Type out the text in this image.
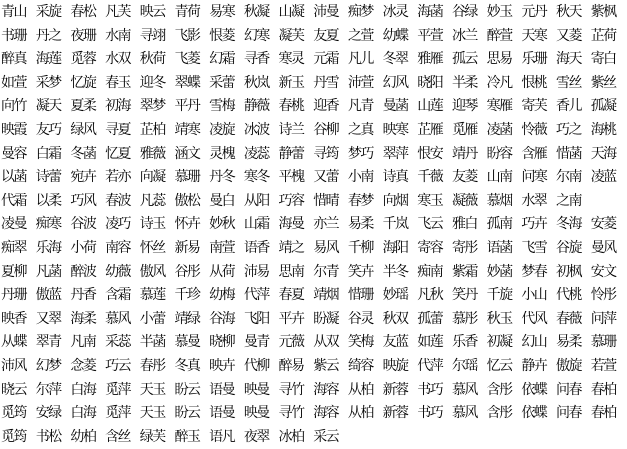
青山 采旋 春松 凡芙 映云 青荷 易寒 秋凝 山凝 沛曼 痴梦 冰灵 海菡 谷绿 妙玉 元丹 秋天 紫枫
书珊 丹之 夜珊 水南 寻翊 飞影 恨菱 幻寒 凝芙 友夏 之萱 幼蝶 平萱 冰兰 醉萱 天寒 又菱 芷荷
醉真 海莲 觅蓉 水双 秋荷 飞菱 幻霜 寻香 寒灵 元霜 凡儿 冬翠 雅雁 孤云 思易 乐珊 海天 寄白
如萱 采梦 忆旋 春玉 迎冬 翠蝶 采蕾 秋岚 新玉 丹雪 沛萱 幻风 晓阳 半柔 冷凡 恨桃 雪丝 紫丝
向竹 凝天 夏柔 初海 翠梦 平丹 雪梅 静薇 春桃 迎香 凡青 曼菡 山莲 迎琴 寒雁 寄芙 香儿 孤凝
映霞 友巧 绿风 寻夏 芷柏 靖寒 凌旋 冰波 诗兰 谷柳 之真 映寒 芷雁 觅雁 凌菡 怜薇 巧之 海桃
曼容 白霜 冬菡 忆夏 雅薇 涵文 灵槐 凌蕊 静蕾 寻筠 梦巧 翠萍 恨安 靖丹 盼容 含雁 惜菡 天海
以菡 诗蕾 宛卉 若亦 向凝 慕珊 丹冬 寒冬 平槐 又蕾 小南 诗真 千薇 友菱 山南 问寒 尔南 凌蓝
代霜 以柔 巧风 春波 凡蕊 傲松 曼白 从阳 巧容 惜晴 春梦 向烟 寒玉 凝薇 慕烟 水翠 之南
凌曼 痴寒 谷波 凌巧 诗玉 怀卉 妙秋 山霜 海曼 亦兰 易柔 千岚 飞云 雅白 孤南 巧卉 冬海 安菱
痴翠 乐海 小荷 南容 怀丝 新易 南萱 语香 靖之 易风 千柳 海阳 寄容 寄彤 语菡 飞雪 谷旋 曼风
夏柳 凡菡 醉波 幼薇 傲风 谷彤 从荷 沛易 思南 尔青 笑卉 半冬 痴南 紫霜 妙菡 梦春 初枫 安文
丹珊 傲蓝 丹香 含霜 慕莲 千珍 幼梅 代萍 春夏 靖烟 惜珊 妙瑶 凡秋 笑丹 千旋 小山 代桃 怜彤
映香 又翠 海柔 慕风 小蕾 靖绿 谷海 飞阳 平卉 盼凝 谷灵 秋双 孤蕾 慕彤 秋玉 代风 春薇 问萍
从蝶 翠青 凡南 采蕊 半菡 慕曼 晓柳 曼青 元薇 从双 笑梅 友蓝 如莲 乐香 初凝 幻山 易柔 慕珊
沛风 幻梦 念菱 巧云 春彤 冬真 映卉 代柳 醉易 紫云 绮容 映旋 代萍 尔瑶 忆云 静卉 傲旋 若萱
晓云 尔萍 白海 觅萍 天玉 盼云 语曼 映曼 寻竹 海容 从柏 新蓉 书巧 慕风 含彤 依蝶 问春 春柏
觅筠 安绿 白海 觅萍 天玉 盼云 语曼 映曼 寻竹 海容 从柏 新蓉 书巧 慕风 含彤 依蝶 问春 春柏
觅筠 书松 幼柏 含丝 绿芙 醉玉 语凡 夜翠 冰柏 采云
